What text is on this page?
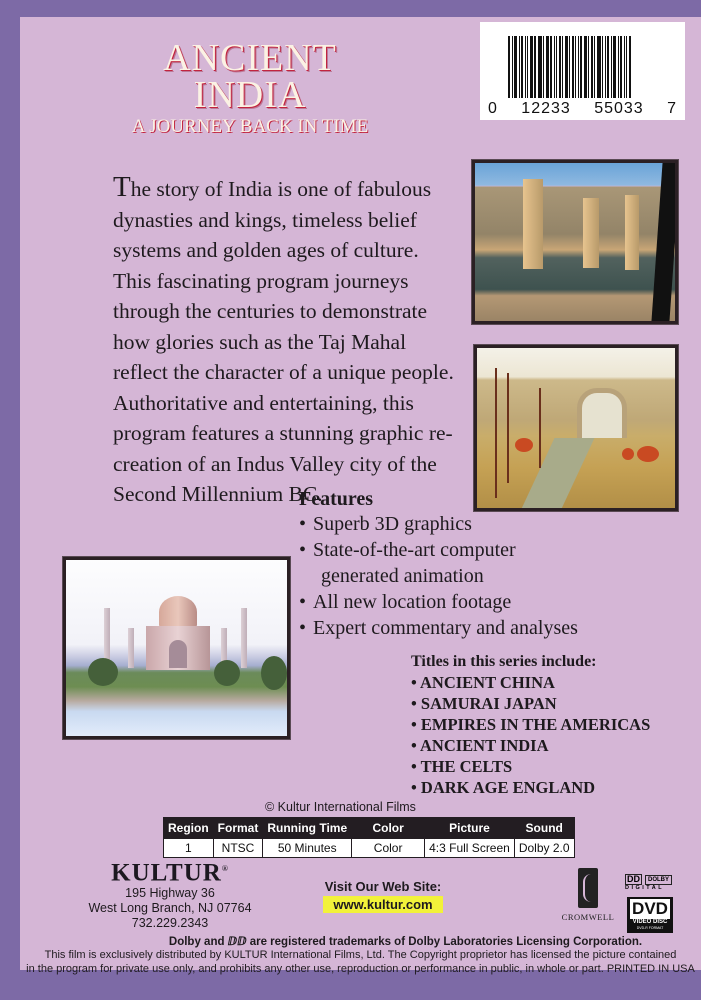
ANCIENT
INDIA
A JOURNEY BACK IN TIME
0 12233 55033 7
The story of India is one of fabulous dynasties and kings, timeless belief systems and golden ages of culture. This fascinating program journeys through the centuries to demonstrate how glories such as the Taj Mahal reflect the character of a unique people. Authoritative and entertaining, this program features a stunning graphic re-creation of an Indus Valley city of the Second Millennium BC.
Features
• Superb 3D graphics
• State-of-the-art computer
generated animation
• All new location footage
• Expert commentary and analyses
Titles in this series include:
• ANCIENT CHINA
• SAMURAI JAPAN
• EMPIRES IN THE AMERICAS
• ANCIENT INDIA
• THE CELTS
• DARK AGE ENGLAND
© Kultur International Films
Region	Format	Running Time	Color	Picture	Sound
1	NTSC	50 Minutes	Color	4:3 Full Screen	Dolby 2.0
KULTUR®
195 Highway 36
West Long Branch, NJ 07764
732.229.2343
Visit Our Web Site:
www.kultur.com
CROMWELL
DD	DOLBY
DIGITAL
DVD
VIDEO DISC
DVD-R FORMAT
Dolby and ⅅⅅ are registered trademarks of Dolby Laboratories Licensing Corporation.
This film is exclusively distributed by KULTUR International Films, Ltd. The Copyright proprietor has licensed the picture contained
in the program for private use only, and prohibits any other use, reproduction or performance in public, in whole or part. PRINTED IN USA
